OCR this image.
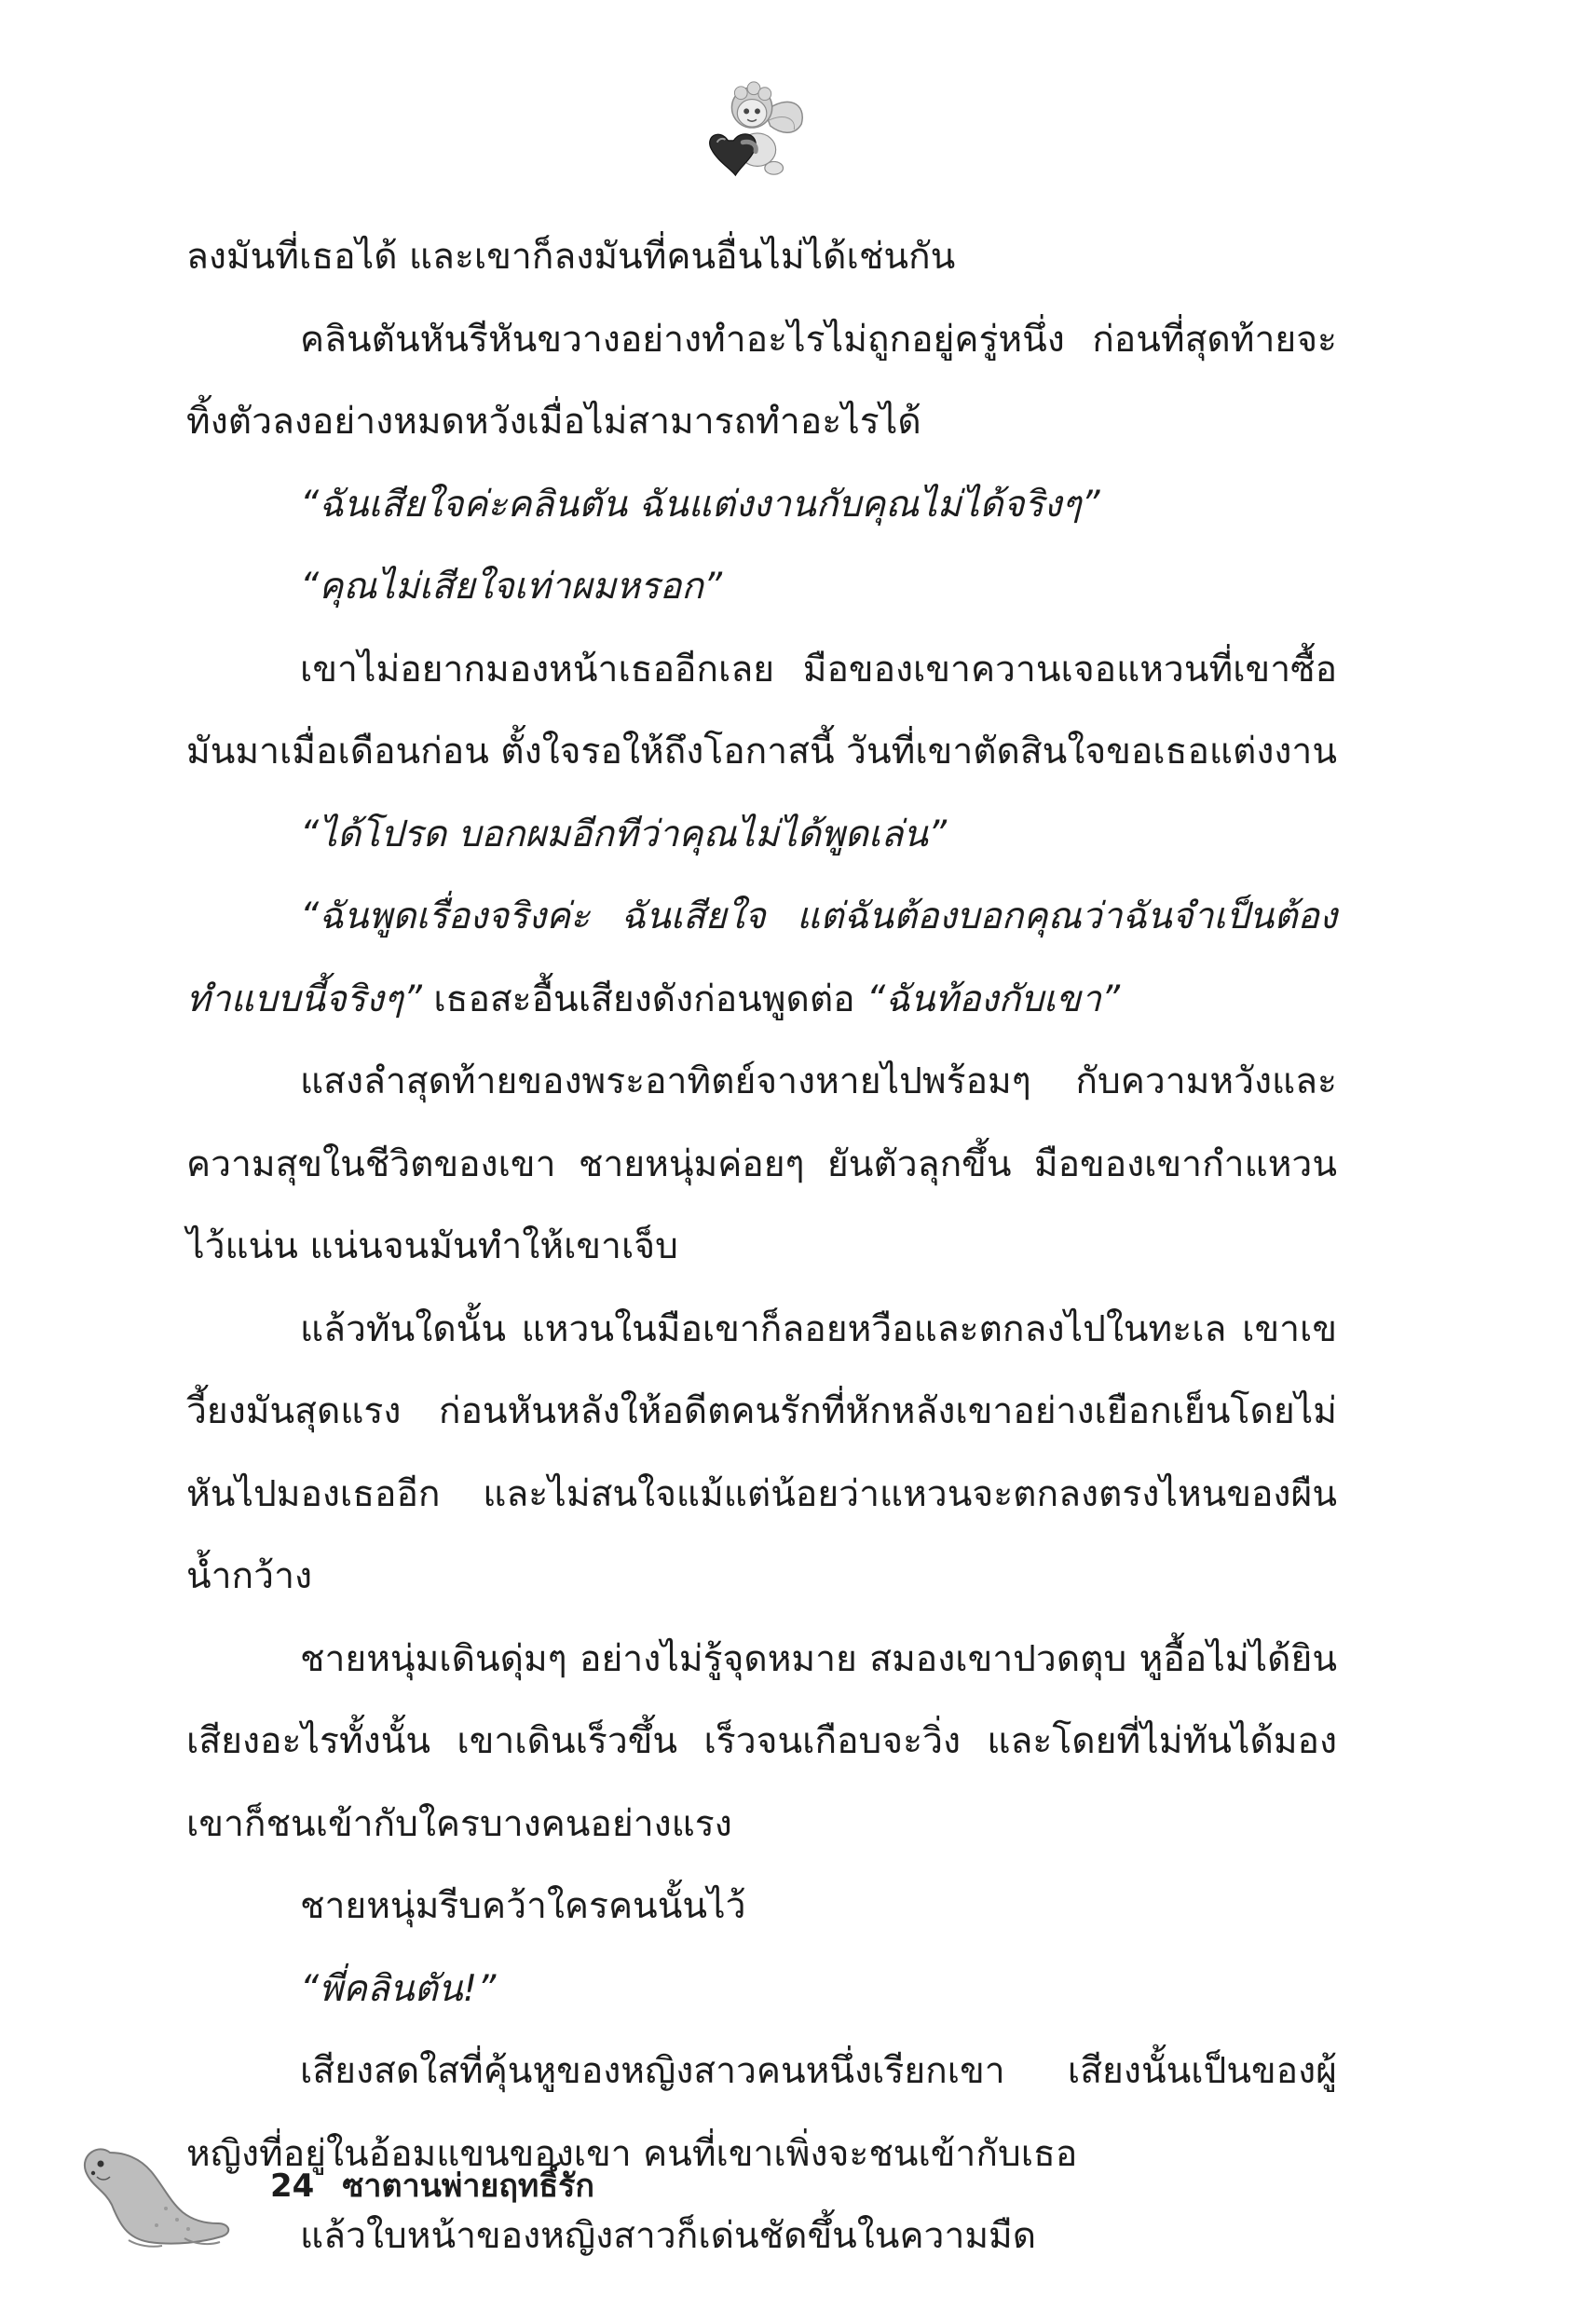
ลงมันที่เธอได้ และเขาก็ลงมันที่คนอื่นไม่ได้เช่นกัน

คลินตันหันรีหันขวางอย่างทำอะไรไม่ถูกอยู่ครู่หนึ่ง ก่อนที่สุดท้ายจะทิ้งตัวลงอย่างหมดหวังเมื่อไม่สามารถทำอะไรได้

“ฉันเสียใจค่ะคลินตัน ฉันแต่งงานกับคุณไม่ได้จริงๆ”

“คุณไม่เสียใจเท่าผมหรอก”

เขาไม่อยากมองหน้าเธออีกเลย มือของเขาควานเจอแหวนที่เขาซื้อมันมาเมื่อเดือนก่อน ตั้งใจรอให้ถึงโอกาสนี้ วันที่เขาตัดสินใจขอเธอแต่งงาน

“ได้โปรด บอกผมอีกทีว่าคุณไม่ได้พูดเล่น”

“ฉันพูดเรื่องจริงค่ะ ฉันเสียใจ แต่ฉันต้องบอกคุณว่าฉันจำเป็นต้องทำแบบนี้จริงๆ” เธอสะอื้นเสียงดังก่อนพูดต่อ “ฉันท้องกับเขา”

แสงลำสุดท้ายของพระอาทิตย์จางหายไปพร้อมๆ กับความหวังและความสุขในชีวิตของเขา ชายหนุ่มค่อยๆ ยันตัวลุกขึ้น มือของเขากำแหวนไว้แน่น แน่นจนมันทำให้เขาเจ็บ

แล้วทันใดนั้น แหวนในมือเขาก็ลอยหวือและตกลงไปในทะเล เขาเขวี้ยงมันสุดแรง ก่อนหันหลังให้อดีตคนรักที่หักหลังเขาอย่างเยือกเย็นโดยไม่หันไปมองเธออีก และไม่สนใจแม้แต่น้อยว่าแหวนจะตกลงตรงไหนของผืนน้ำกว้าง

ชายหนุ่มเดินดุ่มๆ อย่างไม่รู้จุดหมาย สมองเขาปวดตุบ หูอื้อไม่ได้ยินเสียงอะไรทั้งนั้น เขาเดินเร็วขึ้น เร็วจนเกือบจะวิ่ง และโดยที่ไม่ทันได้มอง เขาก็ชนเข้ากับใครบางคนอย่างแรง

ชายหนุ่มรีบคว้าใครคนนั้นไว้

“พี่คลินตัน!”

เสียงสดใสที่คุ้นหูของหญิงสาวคนหนึ่งเรียกเขา เสียงนั้นเป็นของผู้หญิงที่อยู่ในอ้อมแขนของเขา คนที่เขาเพิ่งจะชนเข้ากับเธอ

แล้วใบหน้าของหญิงสาวก็เด่นชัดขึ้นในความมืด

24 ซาตานพ่ายฤทธิ์รัก
